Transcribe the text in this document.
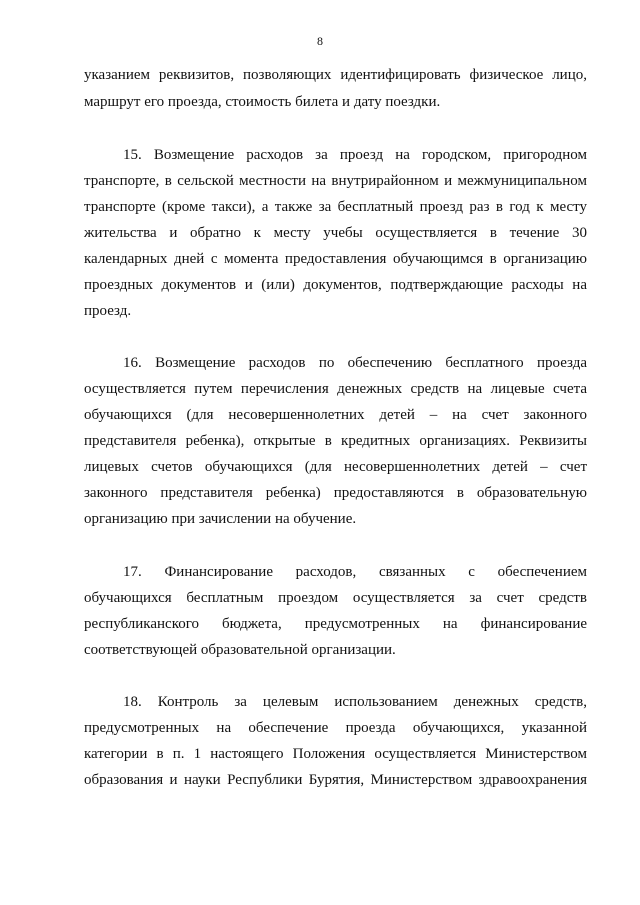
8
указанием реквизитов, позволяющих идентифицировать физическое лицо,
маршрут его проезда, стоимость билета и дату поездки.
15. Возмещение расходов за проезд на городском, пригородном
транспорте, в сельской местности на внутрирайонном и межмуниципальном
транспорте (кроме такси), а также за бесплатный проезд раз в год к месту
жительства и обратно к месту учебы осуществляется в течение 30
календарных дней с момента предоставления обучающимся в организацию
проездных документов и (или) документов, подтверждающие расходы на
проезд.
16. Возмещение расходов по обеспечению бесплатного проезда
осуществляется путем перечисления денежных средств на лицевые счета
обучающихся (для несовершеннолетних детей – на счет законного
представителя ребенка), открытые в кредитных организациях. Реквизиты
лицевых счетов обучающихся (для несовершеннолетних детей – счет
законного представителя ребенка) предоставляются в образовательную
организацию при зачислении на обучение.
17. Финансирование расходов, связанных с обеспечением
обучающихся бесплатным проездом осуществляется за счет средств
республиканского бюджета, предусмотренных на финансирование
соответствующей образовательной организации.
18. Контроль за целевым использованием денежных средств,
предусмотренных на обеспечение проезда обучающихся, указанной
категории в п. 1 настоящего Положения осуществляется Министерством
образования и науки Республики Бурятия, Министерством здравоохранения
